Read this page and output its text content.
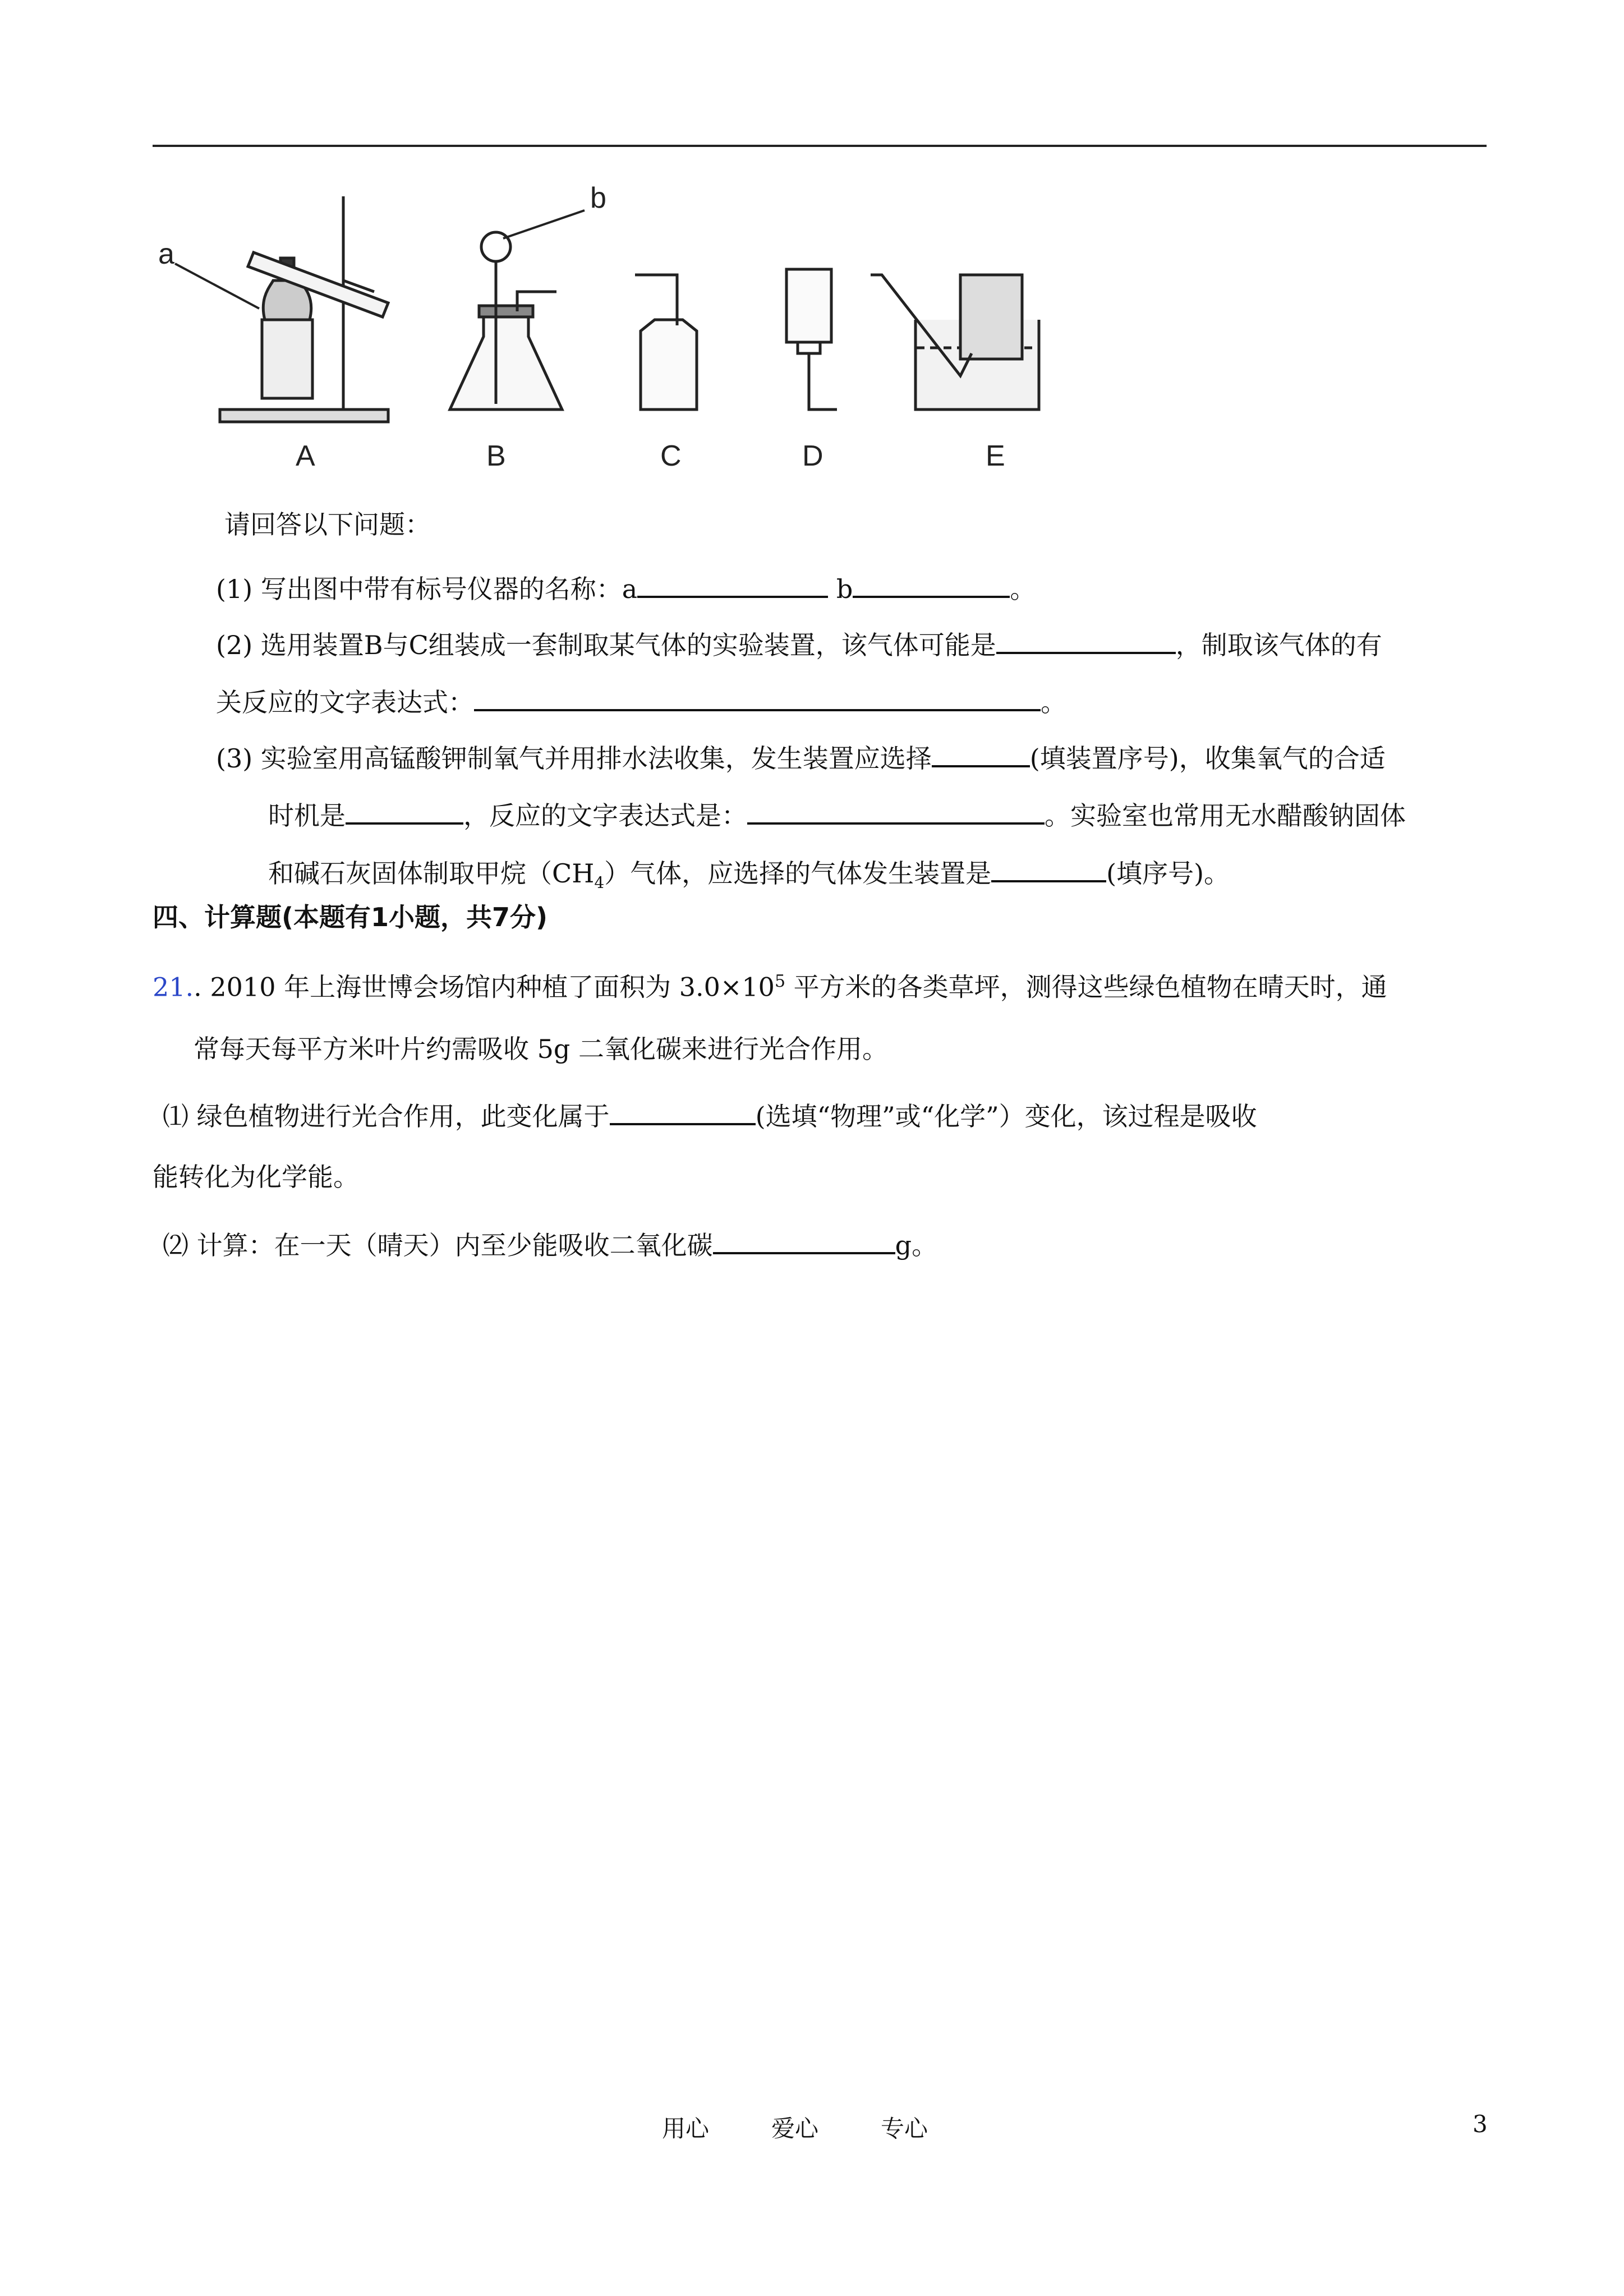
a
b
A	B	C	D	E
请回答以下问题：
(1) 写出图中带有标号仪器的名称：a	b	。
(2) 选用装置B与C组装成一套制取某气体的实验装置，该气体可能是	，制取该气体的有
关反应的文字表达式：	。
(3) 实验室用高锰酸钾制氧气并用排水法收集，发生装置应选择	(填装置序号)，收集氧气的合适
时机是	，反应的文字表达式是：	。实验室也常用无水醋酸钠固体
和碱石灰固体制取甲烷$(CH_4)$气体，应选择的气体发生装置是	(填序号)。
四、计算题(本题有1小题，共7分)
21.. 2010 年上海世博会场馆内种植了面积为 $3.0\times 10^5$ 平方米的各类草坪，测得这些绿色植物在晴天时，通
常每天每平方米叶片约需吸收 5g 二氧化碳来进行光合作用。
⑴ 绿色植物进行光合作用，此变化属于	(选填“物理”或“化学”）变化，该过程是吸收
能转化为化学能。
⑵ 计算：在一天（晴天）内至少能吸收二氧化碳	g。
用心	爱心	专心	3
